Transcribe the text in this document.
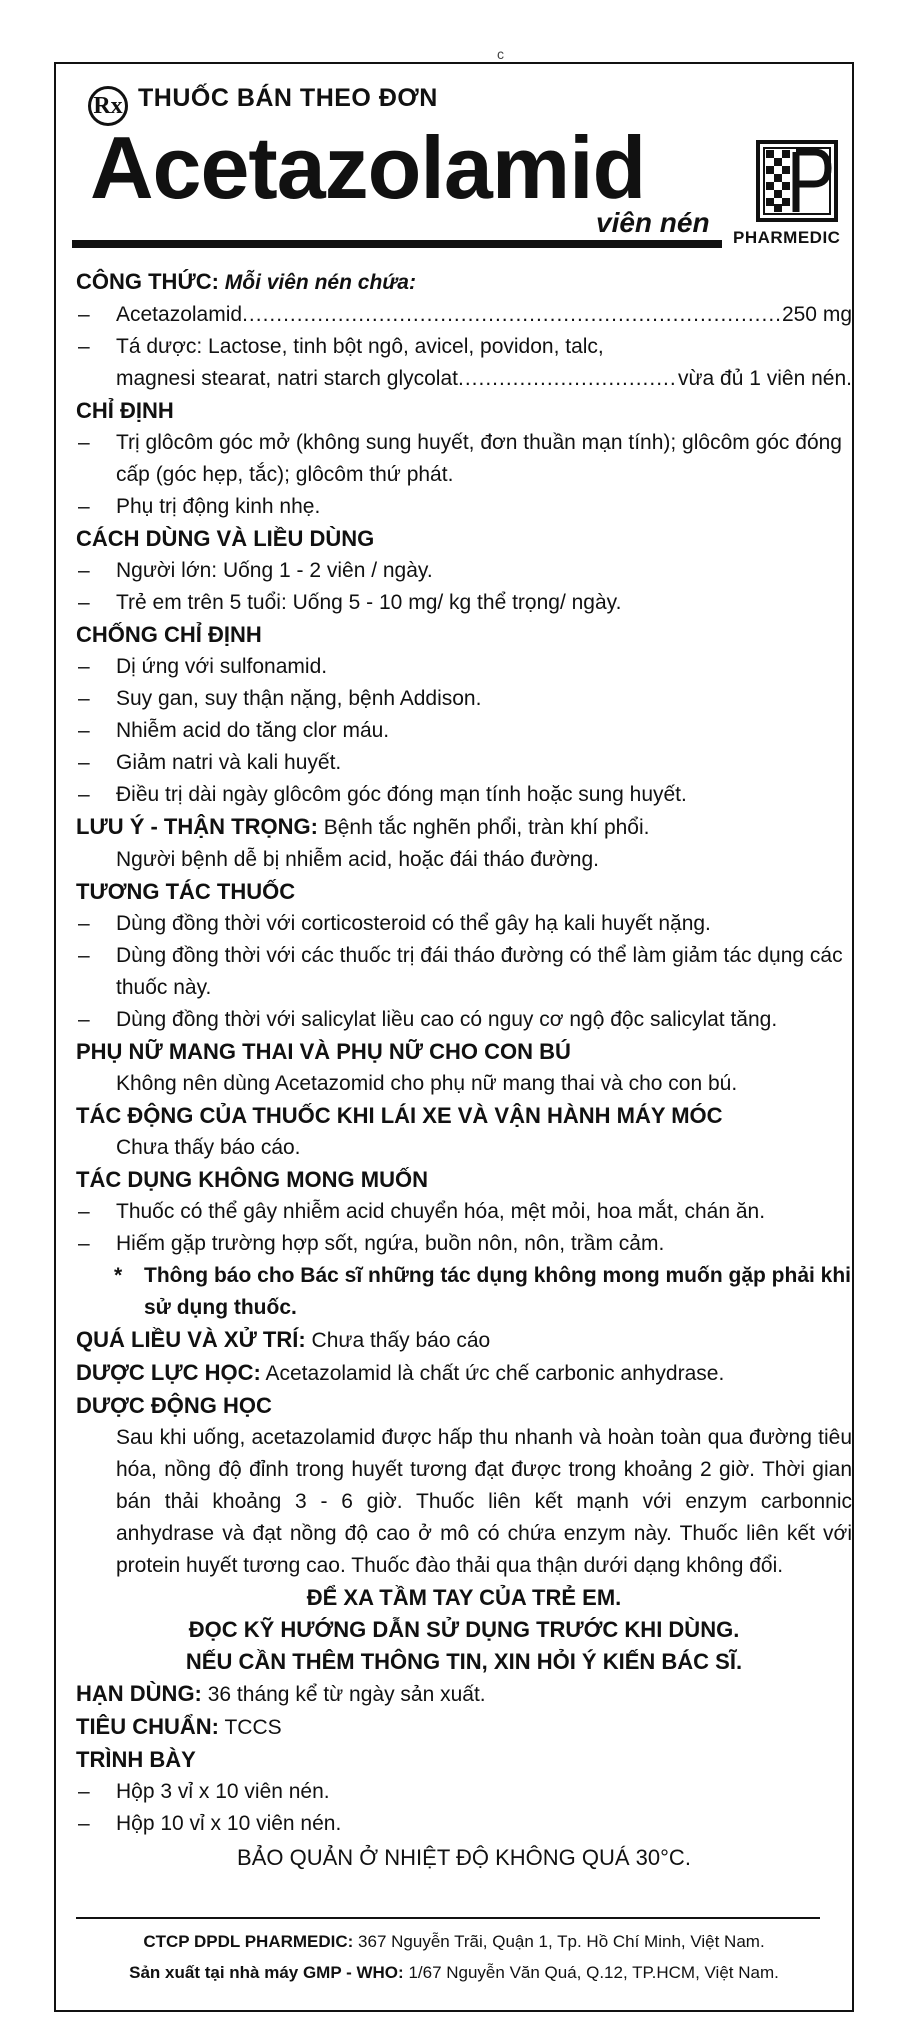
c
Rx THUỐC BÁN THEO ĐƠN
Acetazolamid
viên nén PHARMEDIC
CÔNG THỨC: Mỗi viên nén chứa:
– Acetazolamid .....	250 mg
– Tá dược: Lactose, tinh bột ngô, avicel, povidon, talc,
magnesi stearat, natri starch glycolat .....	vừa đủ 1 viên nén.
CHỈ ĐỊNH
– Trị glôcôm góc mở (không sung huyết, đơn thuần mạn tính); glôcôm góc đóng cấp (góc hẹp, tắc); glôcôm thứ phát.
– Phụ trị động kinh nhẹ.
CÁCH DÙNG VÀ LIỀU DÙNG
– Người lớn: Uống 1 - 2 viên / ngày.
– Trẻ em trên 5 tuổi: Uống 5 - 10 mg/ kg thể trọng/ ngày.
CHỐNG CHỈ ĐỊNH
– Dị ứng với sulfonamid.
– Suy gan, suy thận nặng, bệnh Addison.
– Nhiễm acid do tăng clor máu.
– Giảm natri và kali huyết.
– Điều trị dài ngày glôcôm góc đóng mạn tính hoặc sung huyết.
LƯU Ý - THẬN TRỌNG: Bệnh tắc nghẽn phổi, tràn khí phổi.
Người bệnh dễ bị nhiễm acid, hoặc đái tháo đường.
TƯƠNG TÁC THUỐC
– Dùng đồng thời với corticosteroid có thể gây hạ kali huyết nặng.
– Dùng đồng thời với các thuốc trị đái tháo đường có thể làm giảm tác dụng các thuốc này.
– Dùng đồng thời với salicylat liều cao có nguy cơ ngộ độc salicylat tăng.
PHỤ NỮ MANG THAI VÀ PHỤ NỮ CHO CON BÚ
Không nên dùng Acetazomid cho phụ nữ mang thai và cho con bú.
TÁC ĐỘNG CỦA THUỐC KHI LÁI XE VÀ VẬN HÀNH MÁY MÓC
Chưa thấy báo cáo.
TÁC DỤNG KHÔNG MONG MUỐN
– Thuốc có thể gây nhiễm acid chuyển hóa, mệt mỏi, hoa mắt, chán ăn.
– Hiếm gặp trường hợp sốt, ngứa, buồn nôn, nôn, trầm cảm.
* Thông báo cho Bác sĩ những tác dụng không mong muốn gặp phải khi sử dụng thuốc.
QUÁ LIỀU VÀ XỬ TRÍ: Chưa thấy báo cáo
DƯỢC LỰC HỌC: Acetazolamid là chất ức chế carbonic anhydrase.
DƯỢC ĐỘNG HỌC
Sau khi uống, acetazolamid được hấp thu nhanh và hoàn toàn qua đường tiêu hóa, nồng độ đỉnh trong huyết tương đạt được trong khoảng 2 giờ. Thời gian bán thải khoảng 3 - 6 giờ. Thuốc liên kết mạnh với enzym carbonnic anhydrase và đạt nồng độ cao ở mô có chứa enzym này. Thuốc liên kết với protein huyết tương cao. Thuốc đào thải qua thận dưới dạng không đổi.
ĐỂ XA TẦM TAY CỦA TRẺ EM.
ĐỌC KỸ HƯỚNG DẪN SỬ DỤNG TRƯỚC KHI DÙNG.
NẾU CẦN THÊM THÔNG TIN, XIN HỎI Ý KIẾN BÁC SĨ.
HẠN DÙNG: 36 tháng kể từ ngày sản xuất.
TIÊU CHUẨN: TCCS
TRÌNH BÀY
– Hộp 3 vỉ x 10 viên nén.
– Hộp 10 vỉ x 10 viên nén.
BẢO QUẢN Ở NHIỆT ĐỘ KHÔNG QUÁ 30°C.
CTCP DPDL PHARMEDIC: 367 Nguyễn Trãi, Quận 1, Tp. Hồ Chí Minh, Việt Nam.
Sản xuất tại nhà máy GMP - WHO: 1/67 Nguyễn Văn Quá, Q.12, TP.HCM, Việt Nam.
